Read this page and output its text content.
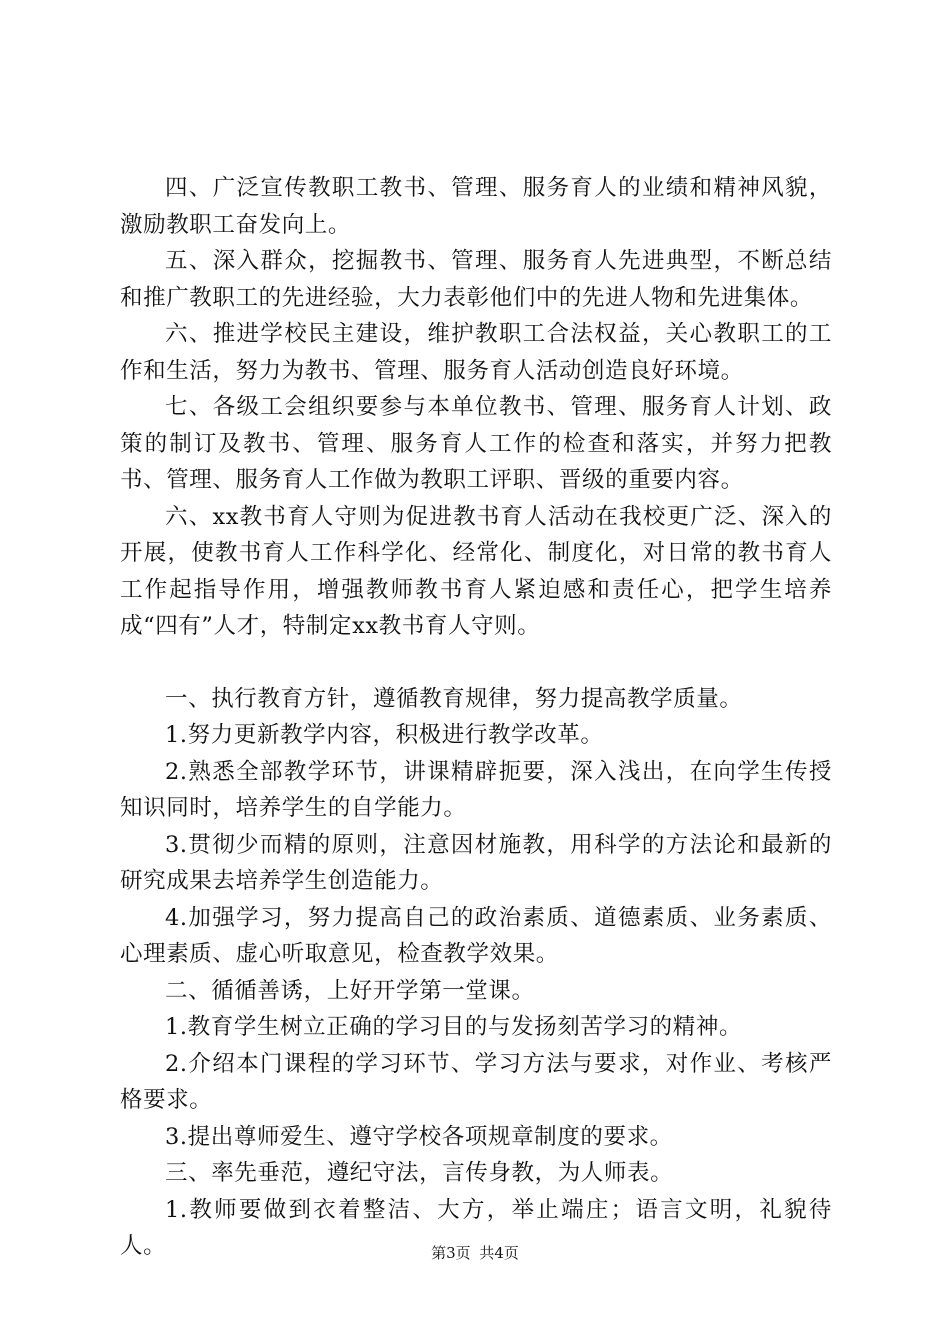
四、广泛宣传教职工教书、管理、服务育人的业绩和精神风貌，激励教职工奋发向上。

五、深入群众，挖掘教书、管理、服务育人先进典型，不断总结和推广教职工的先进经验，大力表彰他们中的先进人物和先进集体。

六、推进学校民主建设，维护教职工合法权益，关心教职工的工作和生活，努力为教书、管理、服务育人活动创造良好环境。

七、各级工会组织要参与本单位教书、管理、服务育人计划、政策的制订及教书、管理、服务育人工作的检查和落实，并努力把教书、管理、服务育人工作做为教职工评职、晋级的重要内容。

六、xx教书育人守则为促进教书育人活动在我校更广泛、深入的开展，使教书育人工作科学化、经常化、制度化，对日常的教书育人工作起指导作用，增强教师教书育人紧迫感和责任心，把学生培养成“四有”人才，特制定xx教书育人守则。

一、执行教育方针，遵循教育规律，努力提高教学质量。

1.努力更新教学内容，积极进行教学改革。

2.熟悉全部教学环节，讲课精辟扼要，深入浅出，在向学生传授知识同时，培养学生的自学能力。

3.贯彻少而精的原则，注意因材施教，用科学的方法论和最新的研究成果去培养学生创造能力。

4.加强学习，努力提高自己的政治素质、道德素质、业务素质、心理素质、虚心听取意见，检查教学效果。

二、循循善诱，上好开学第一堂课。

1.教育学生树立正确的学习目的与发扬刻苦学习的精神。

2.介绍本门课程的学习环节、学习方法与要求，对作业、考核严格要求。

3.提出尊师爱生、遵守学校各项规章制度的要求。

三、率先垂范，遵纪守法，言传身教，为人师表。

1.教师要做到衣着整洁、大方，举止端庄；语言文明，礼貌待人。	第3页 共4页
